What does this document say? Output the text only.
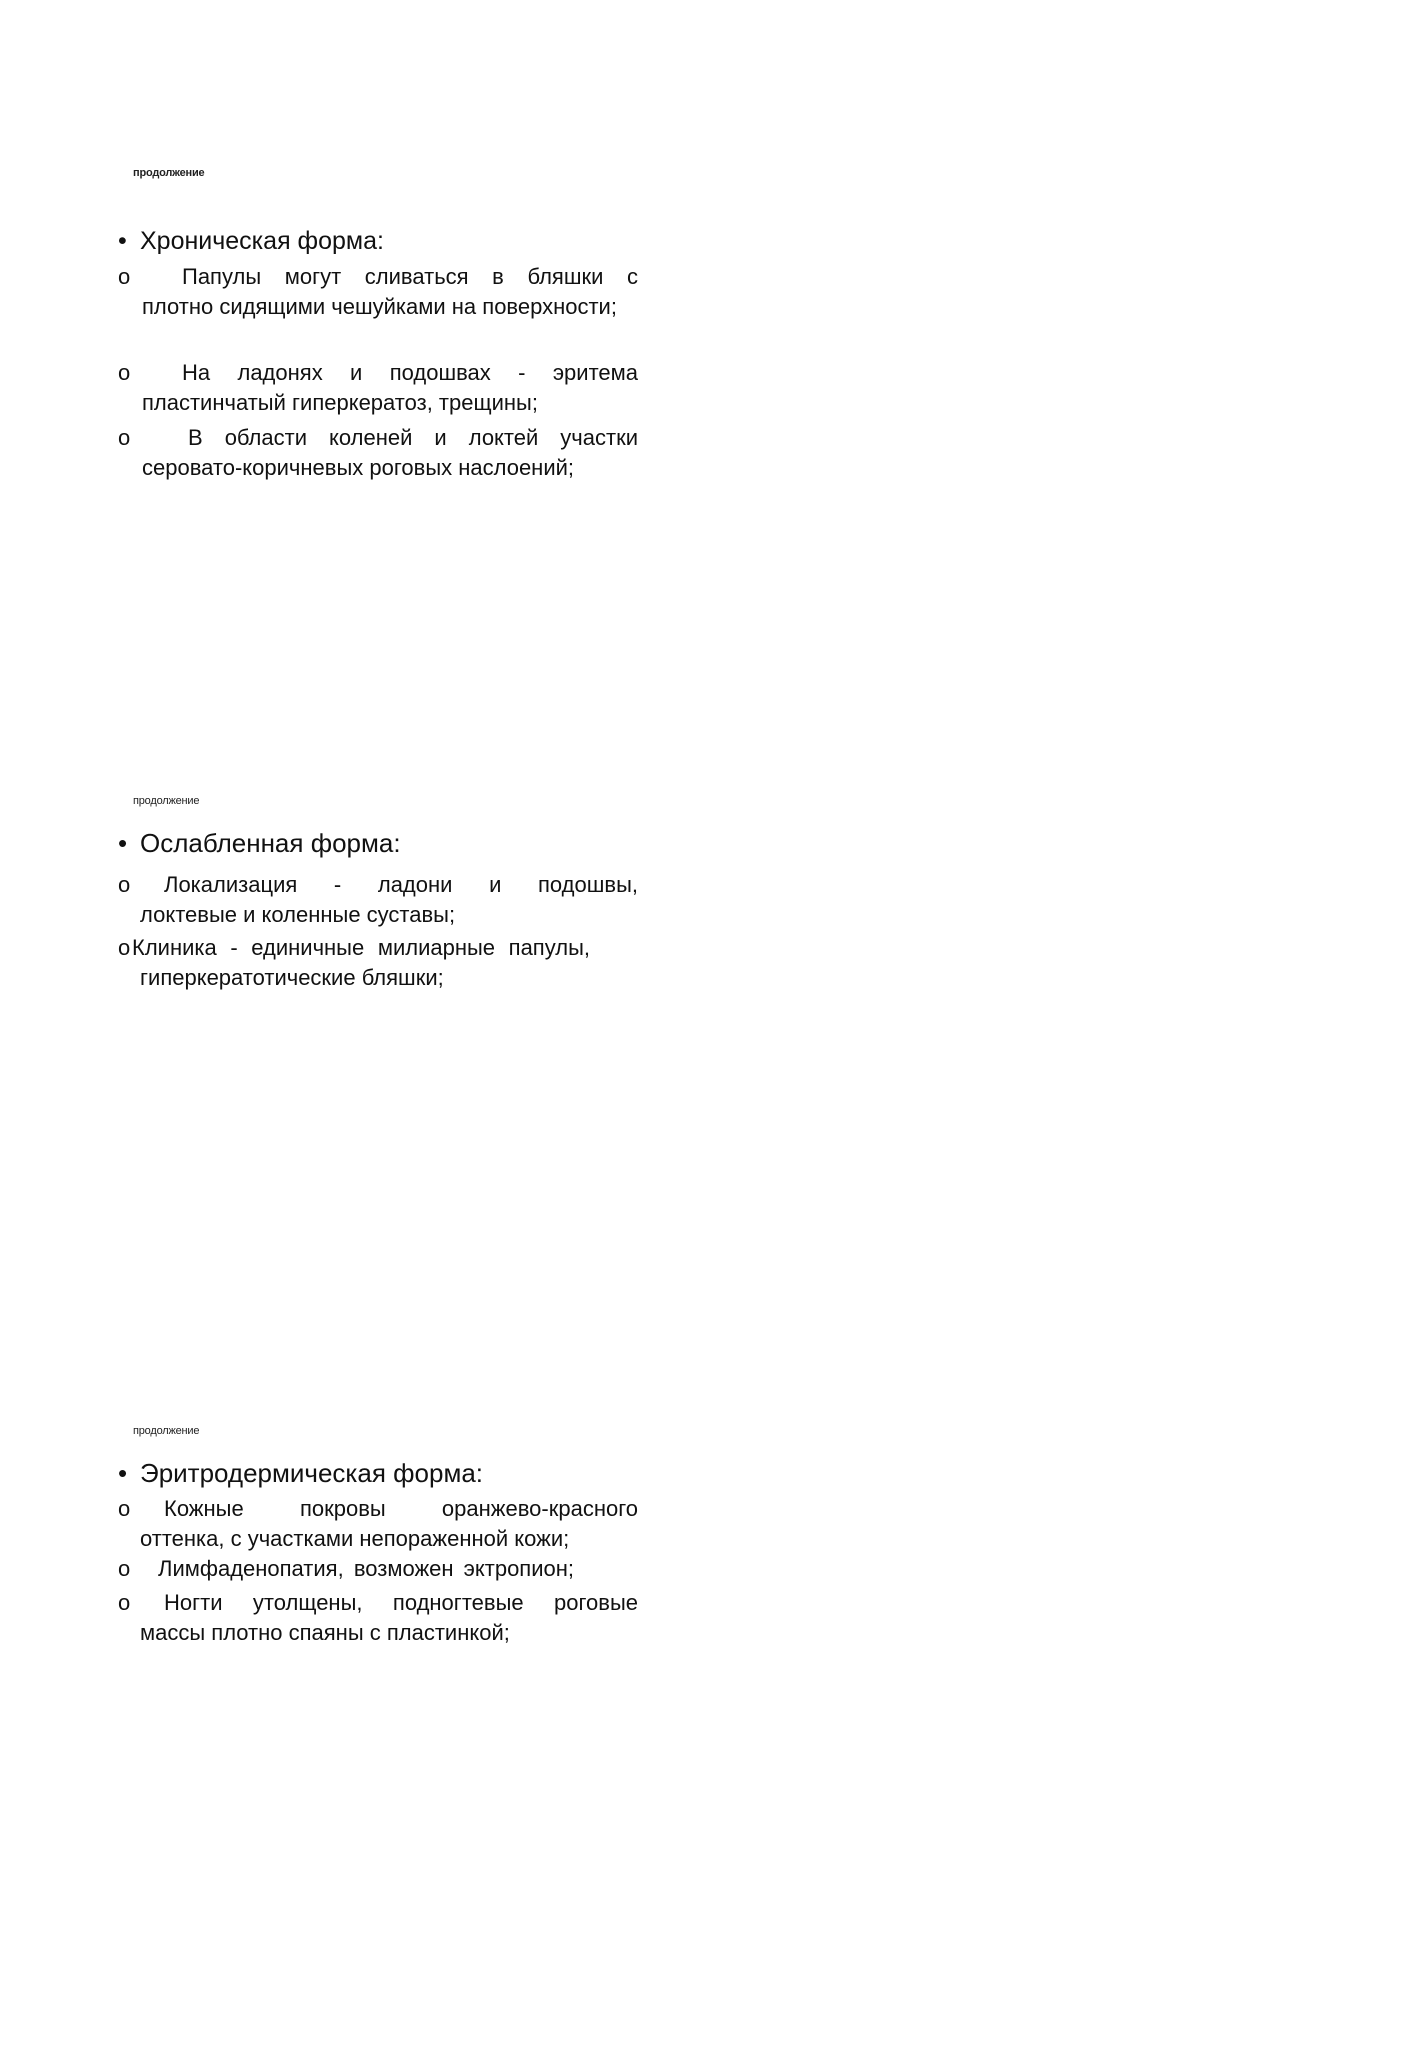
продолжение
• Хроническая форма:
o	Папулы могут сливаться в бляшки с плотно сидящими чешуйками на поверхности;
o	На ладонях и подошвах - эритема пластинчатый гиперкератоз, трещины;
o	В области коленей и локтей участки серовато-коричневых роговых наслоений;
продолжение
• Ослабленная форма:
o	Локализация - ладони и подошвы, локтевые и коленные суставы;
o Клиника - единичные милиарные папулы, гиперкератотические бляшки;
продолжение
• Эритродермическая форма:
o	Кожные покровы оранжево-красного оттенка, с участками непораженной кожи;
o	Лимфаденопатия, возможен эктропион;
o	Ногти утолщены, подногтевые роговые массы плотно спаяны с пластинкой;
